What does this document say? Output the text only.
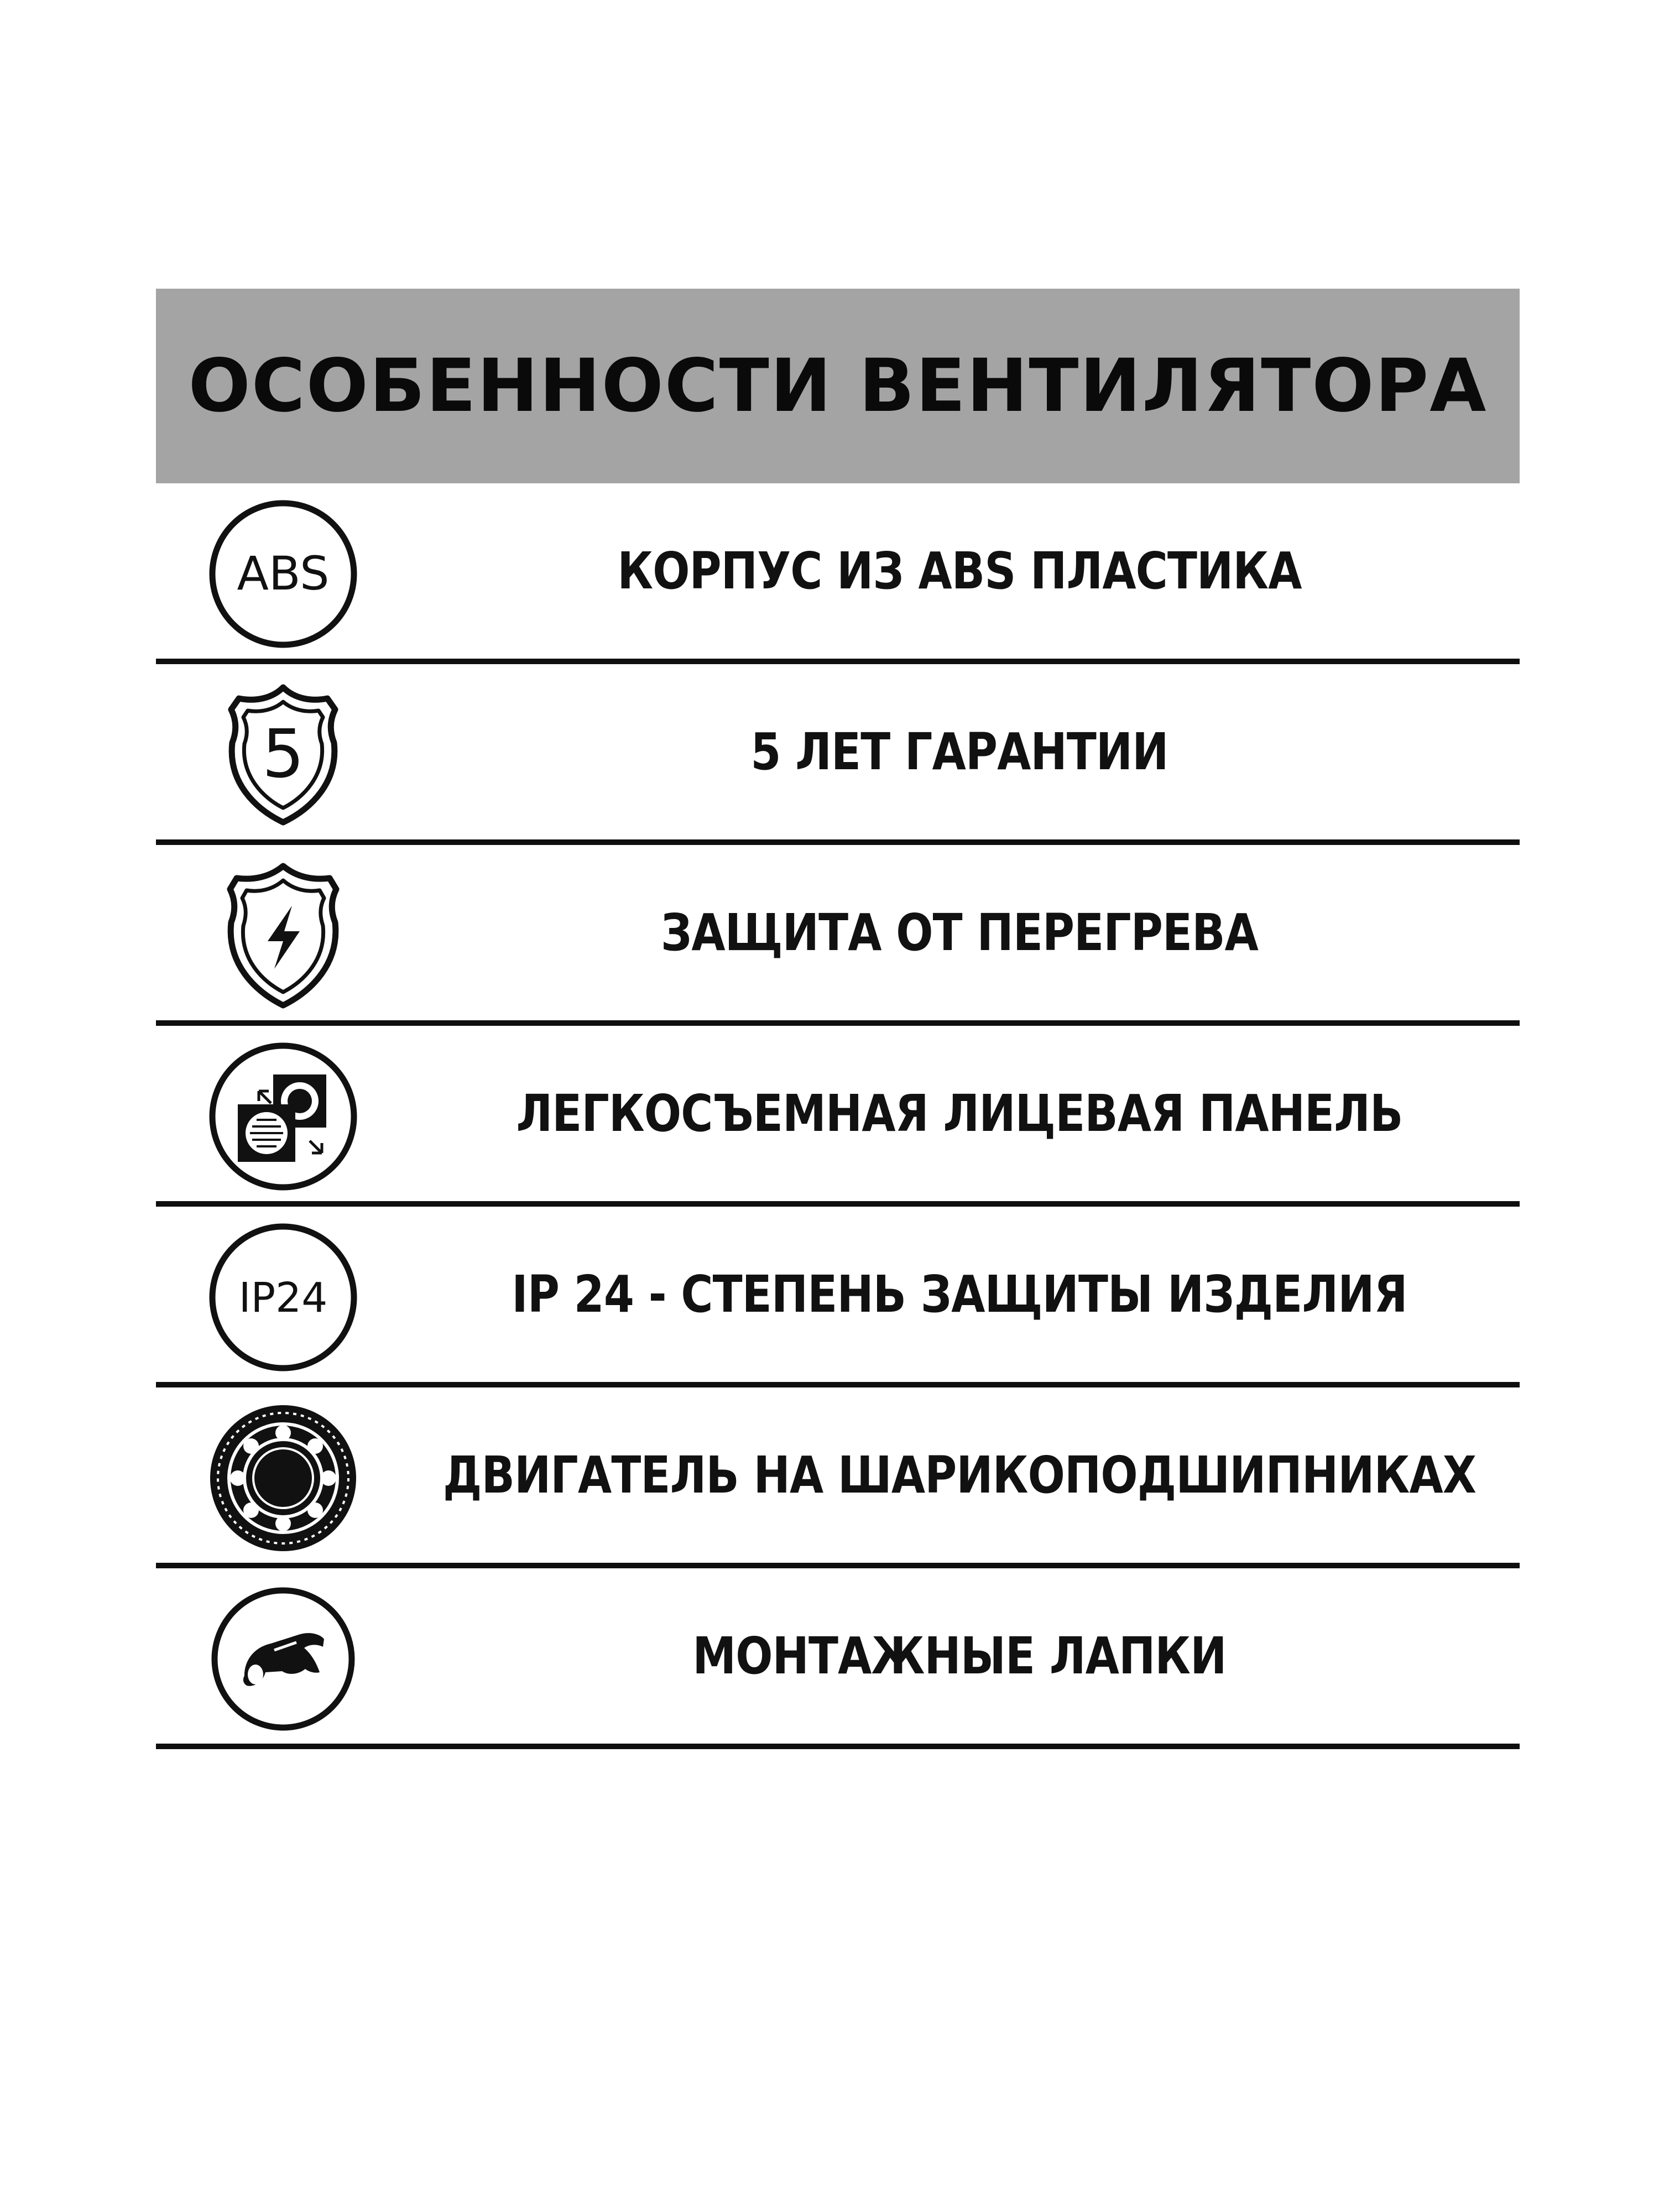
ОСОБЕННОСТИ ВЕНТИЛЯТОРА
ABS	КОРПУС ИЗ ABS ПЛАСТИКА
5	5 ЛЕТ ГАРАНТИИ
ЗАЩИТА ОТ ПЕРЕГРЕВА
ЛЕГКОСЪЕМНАЯ ЛИЦЕВАЯ ПАНЕЛЬ
IP24	IP 24 - СТЕПЕНЬ ЗАЩИТЫ ИЗДЕЛИЯ
ДВИГАТЕЛЬ НА ШАРИКОПОДШИПНИКАХ
МОНТАЖНЫЕ ЛАПКИ
